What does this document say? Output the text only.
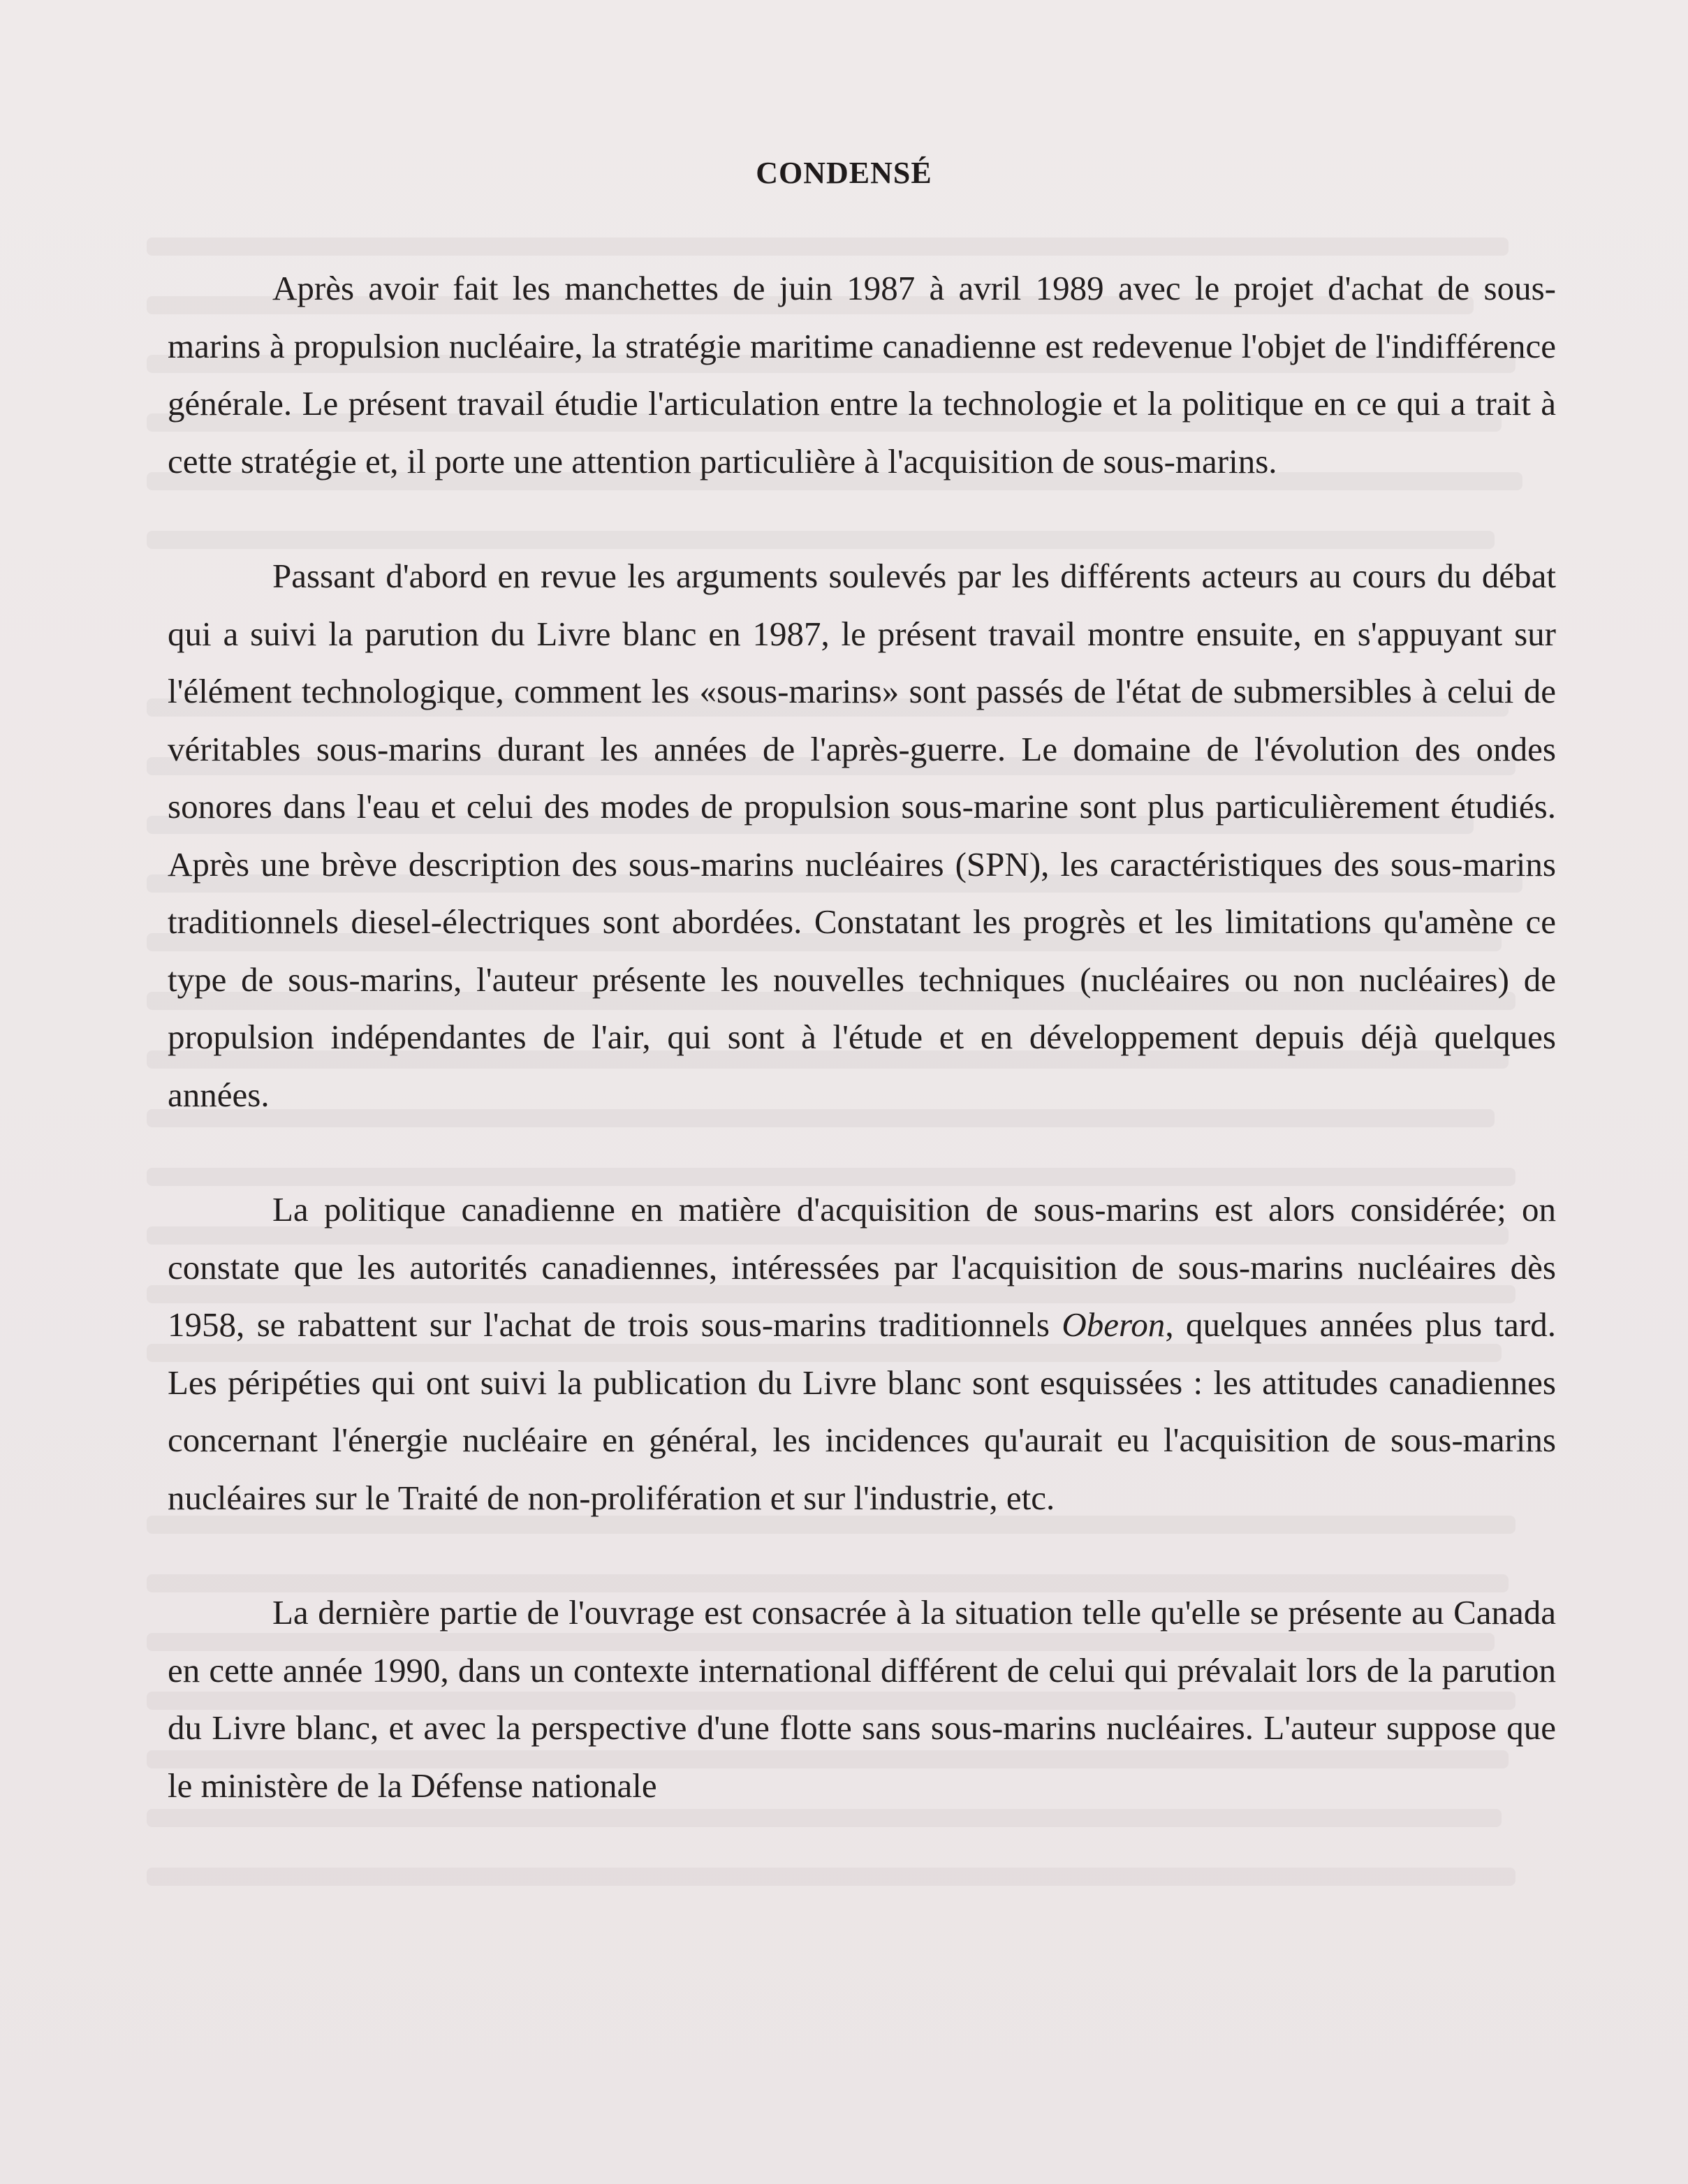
CONDENSÉ

Après avoir fait les manchettes de juin 1987 à avril 1989 avec le projet d'achat de sous-marins à propulsion nucléaire, la stratégie maritime canadienne est redevenue l'objet de l'indifférence générale. Le présent travail étudie l'articulation entre la technologie et la politique en ce qui a trait à cette stratégie et, il porte une attention particulière à l'acquisition de sous-marins.

Passant d'abord en revue les arguments soulevés par les différents acteurs au cours du débat qui a suivi la parution du Livre blanc en 1987, le présent travail montre ensuite, en s'appuyant sur l'élément technologique, comment les «sous-marins» sont passés de l'état de submersibles à celui de véritables sous-marins durant les années de l'après-guerre. Le domaine de l'évolution des ondes sonores dans l'eau et celui des modes de propulsion sous-marine sont plus particulièrement étudiés. Après une brève description des sous-marins nucléaires (SPN), les caractéristiques des sous-marins traditionnels diesel-électriques sont abordées. Constatant les progrès et les limitations qu'amène ce type de sous-marins, l'auteur présente les nouvelles techniques (nucléaires ou non nucléaires) de propulsion indépendantes de l'air, qui sont à l'étude et en développement depuis déjà quelques années.

La politique canadienne en matière d'acquisition de sous-marins est alors considérée; on constate que les autorités canadiennes, intéressées par l'acquisition de sous-marins nucléaires dès 1958, se rabattent sur l'achat de trois sous-marins traditionnels Oberon, quelques années plus tard. Les péripéties qui ont suivi la publication du Livre blanc sont esquissées : les attitudes canadiennes concernant l'énergie nucléaire en général, les incidences qu'aurait eu l'acquisition de sous-marins nucléaires sur le Traité de non-prolifération et sur l'industrie, etc.

La dernière partie de l'ouvrage est consacrée à la situation telle qu'elle se présente au Canada en cette année 1990, dans un contexte international différent de celui qui prévalait lors de la parution du Livre blanc, et avec la perspective d'une flotte sans sous-marins nucléaires. L'auteur suppose que le ministère de la Défense nationale
